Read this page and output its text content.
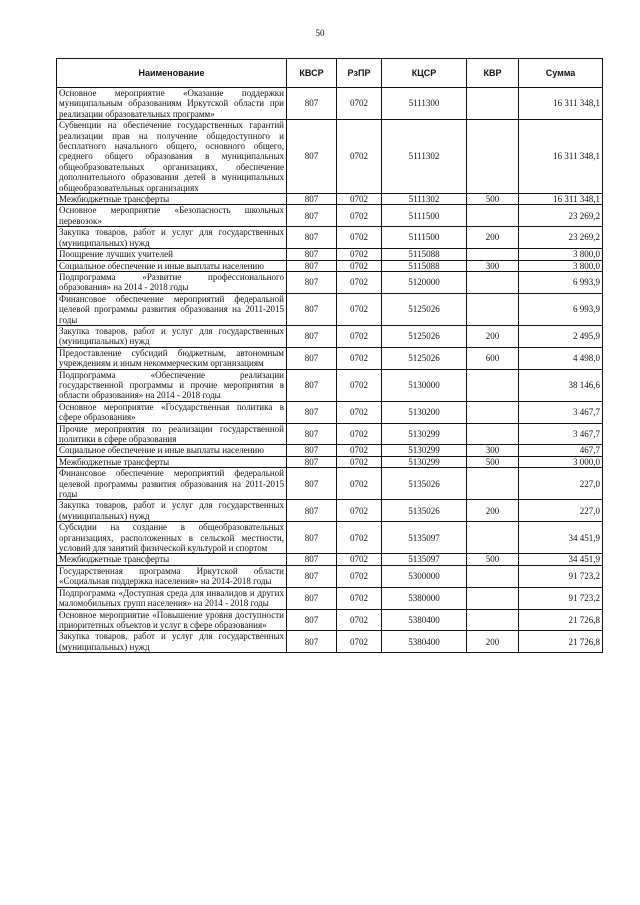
50
Наименование	КВСР	РзПР	КЦСР	КВР	Сумма
Основное мероприятие «Оказание поддержки муниципальным образованиям Иркутской области при реализации образовательных программ»	807	0702	5111300		16 311 348,1
Субвенции на обеспечение государственных гарантий реализации прав на получение общедоступного и бесплатного начального общего, основного общего, среднего общего образования в муниципальных общеобразовательных организациях, обеспечение дополнительного образования детей в муниципальных общеобразовательных организациях	807	0702	5111302		16 311 348,1
Межбюджетные трансферты	807	0702	5111302	500	16 311 348,1
Основное мероприятие «Безопасность школьных перевозок»	807	0702	5111500		23 269,2
Закупка товаров, работ и услуг для государственных (муниципальных) нужд	807	0702	5111500	200	23 269,2
Поощрение лучших учителей	807	0702	5115088		3 800,0
Социальное обеспечение и иные выплаты населению	807	0702	5115088	300	3 800,0
Подпрограмма «Развитие профессионального образования» на 2014 - 2018 годы	807	0702	5120000		6 993,9
Финансовое обеспечение мероприятий федеральной целевой программы развития образования на 2011-2015 годы	807	0702	5125026		6 993,9
Закупка товаров, работ и услуг для государственных (муниципальных) нужд	807	0702	5125026	200	2 495,9
Предоставление субсидий бюджетным, автономным учреждениям и иным некоммерческим организациям	807	0702	5125026	600	4 498,0
Подпрограмма «Обеспечение реализации государственной программы и прочие мероприятия в области образования» на 2014 - 2018 годы	807	0702	5130000		38 146,6
Основное мероприятие «Государственная политика в сфере образования»	807	0702	5130200		3 467,7
Прочие мероприятия по реализации государственной политики в сфере образования	807	0702	5130299		3 467,7
Социальное обеспечение и иные выплаты населению	807	0702	5130299	300	467,7
Межбюджетные трансферты	807	0702	5130299	500	3 000,0
Финансовое обеспечение мероприятий федеральной целевой программы развития образования на 2011-2015 годы	807	0702	5135026		227,0
Закупка товаров, работ и услуг для государственных (муниципальных) нужд	807	0702	5135026	200	227,0
Субсидии на создание в общеобразовательных организациях, расположенных в сельской местности, условий для занятий физической культурой и спортом	807	0702	5135097		34 451,9
Межбюджетные трансферты	807	0702	5135097	500	34 451,9
Государственная программа Иркутской области «Социальная поддержка населения» на 2014-2018 годы	807	0702	5300000		91 723,2
Подпрограмма «Доступная среда для инвалидов и других маломобильных групп населения» на 2014 - 2018 годы	807	0702	5380000		91 723,2
Основное мероприятие «Повышение уровня доступности приоритетных объектов и услуг в сфере образования»	807	0702	5380400		21 726,8
Закупка товаров, работ и услуг для государственных (муниципальных) нужд	807	0702	5380400	200	21 726,8
